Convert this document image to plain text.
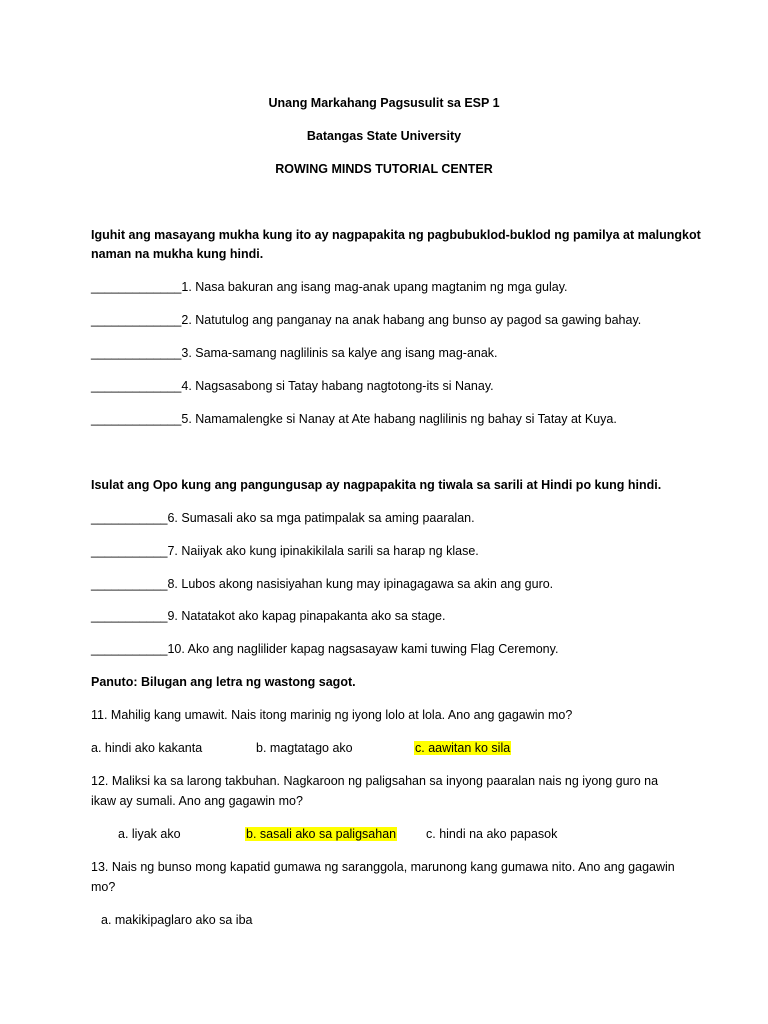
Unang Markahang Pagsusulit sa ESP 1
Batangas State University
ROWING MINDS TUTORIAL CENTER
Iguhit ang masayang mukha kung ito ay nagpapakita ng pagbubuklod-buklod ng pamilya at malungkot
naman na mukha kung hindi.
_____________1. Nasa bakuran ang isang mag-anak upang magtanim ng mga gulay.
_____________2. Natutulog ang panganay na anak habang ang bunso ay pagod sa gawing bahay.
_____________3. Sama-samang naglilinis sa kalye ang isang mag-anak.
_____________4. Nagsasabong si Tatay habang nagtotong-its si Nanay.
_____________5. Namamalengke si Nanay at Ate habang naglilinis ng bahay si Tatay at Kuya.
Isulat ang Opo kung ang pangungusap ay nagpapakita ng tiwala sa sarili at Hindi po kung hindi.
___________6. Sumasali ako sa mga patimpalak sa aming paaralan.
___________7. Naiiyak ako kung ipinakikilala sarili sa harap ng klase.
___________8. Lubos akong nasisiyahan kung may ipinagagawa sa akin ang guro.
___________9. Natatakot ako kapag pinapakanta ako sa stage.
___________10. Ako ang naglilider kapag nagsasayaw kami tuwing Flag Ceremony.
Panuto: Bilugan ang letra ng wastong sagot.
11. Mahilig kang umawit. Nais itong marinig ng iyong lolo at lola. Ano ang gagawin mo?
a. hindi ako kakanta	b. magtatago ako	c. aawitan ko sila
12. Maliksi ka sa larong takbuhan. Nagkaroon ng paligsahan sa inyong paaralan nais ng iyong guro na
ikaw ay sumali. Ano ang gagawin mo?
a. liyak ako	b. sasali ako sa paligsahan c. hindi na ako papasok
13. Nais ng bunso mong kapatid gumawa ng saranggola, marunong kang gumawa nito. Ano ang gagawin
mo?
a. makikipaglaro ako sa iba
